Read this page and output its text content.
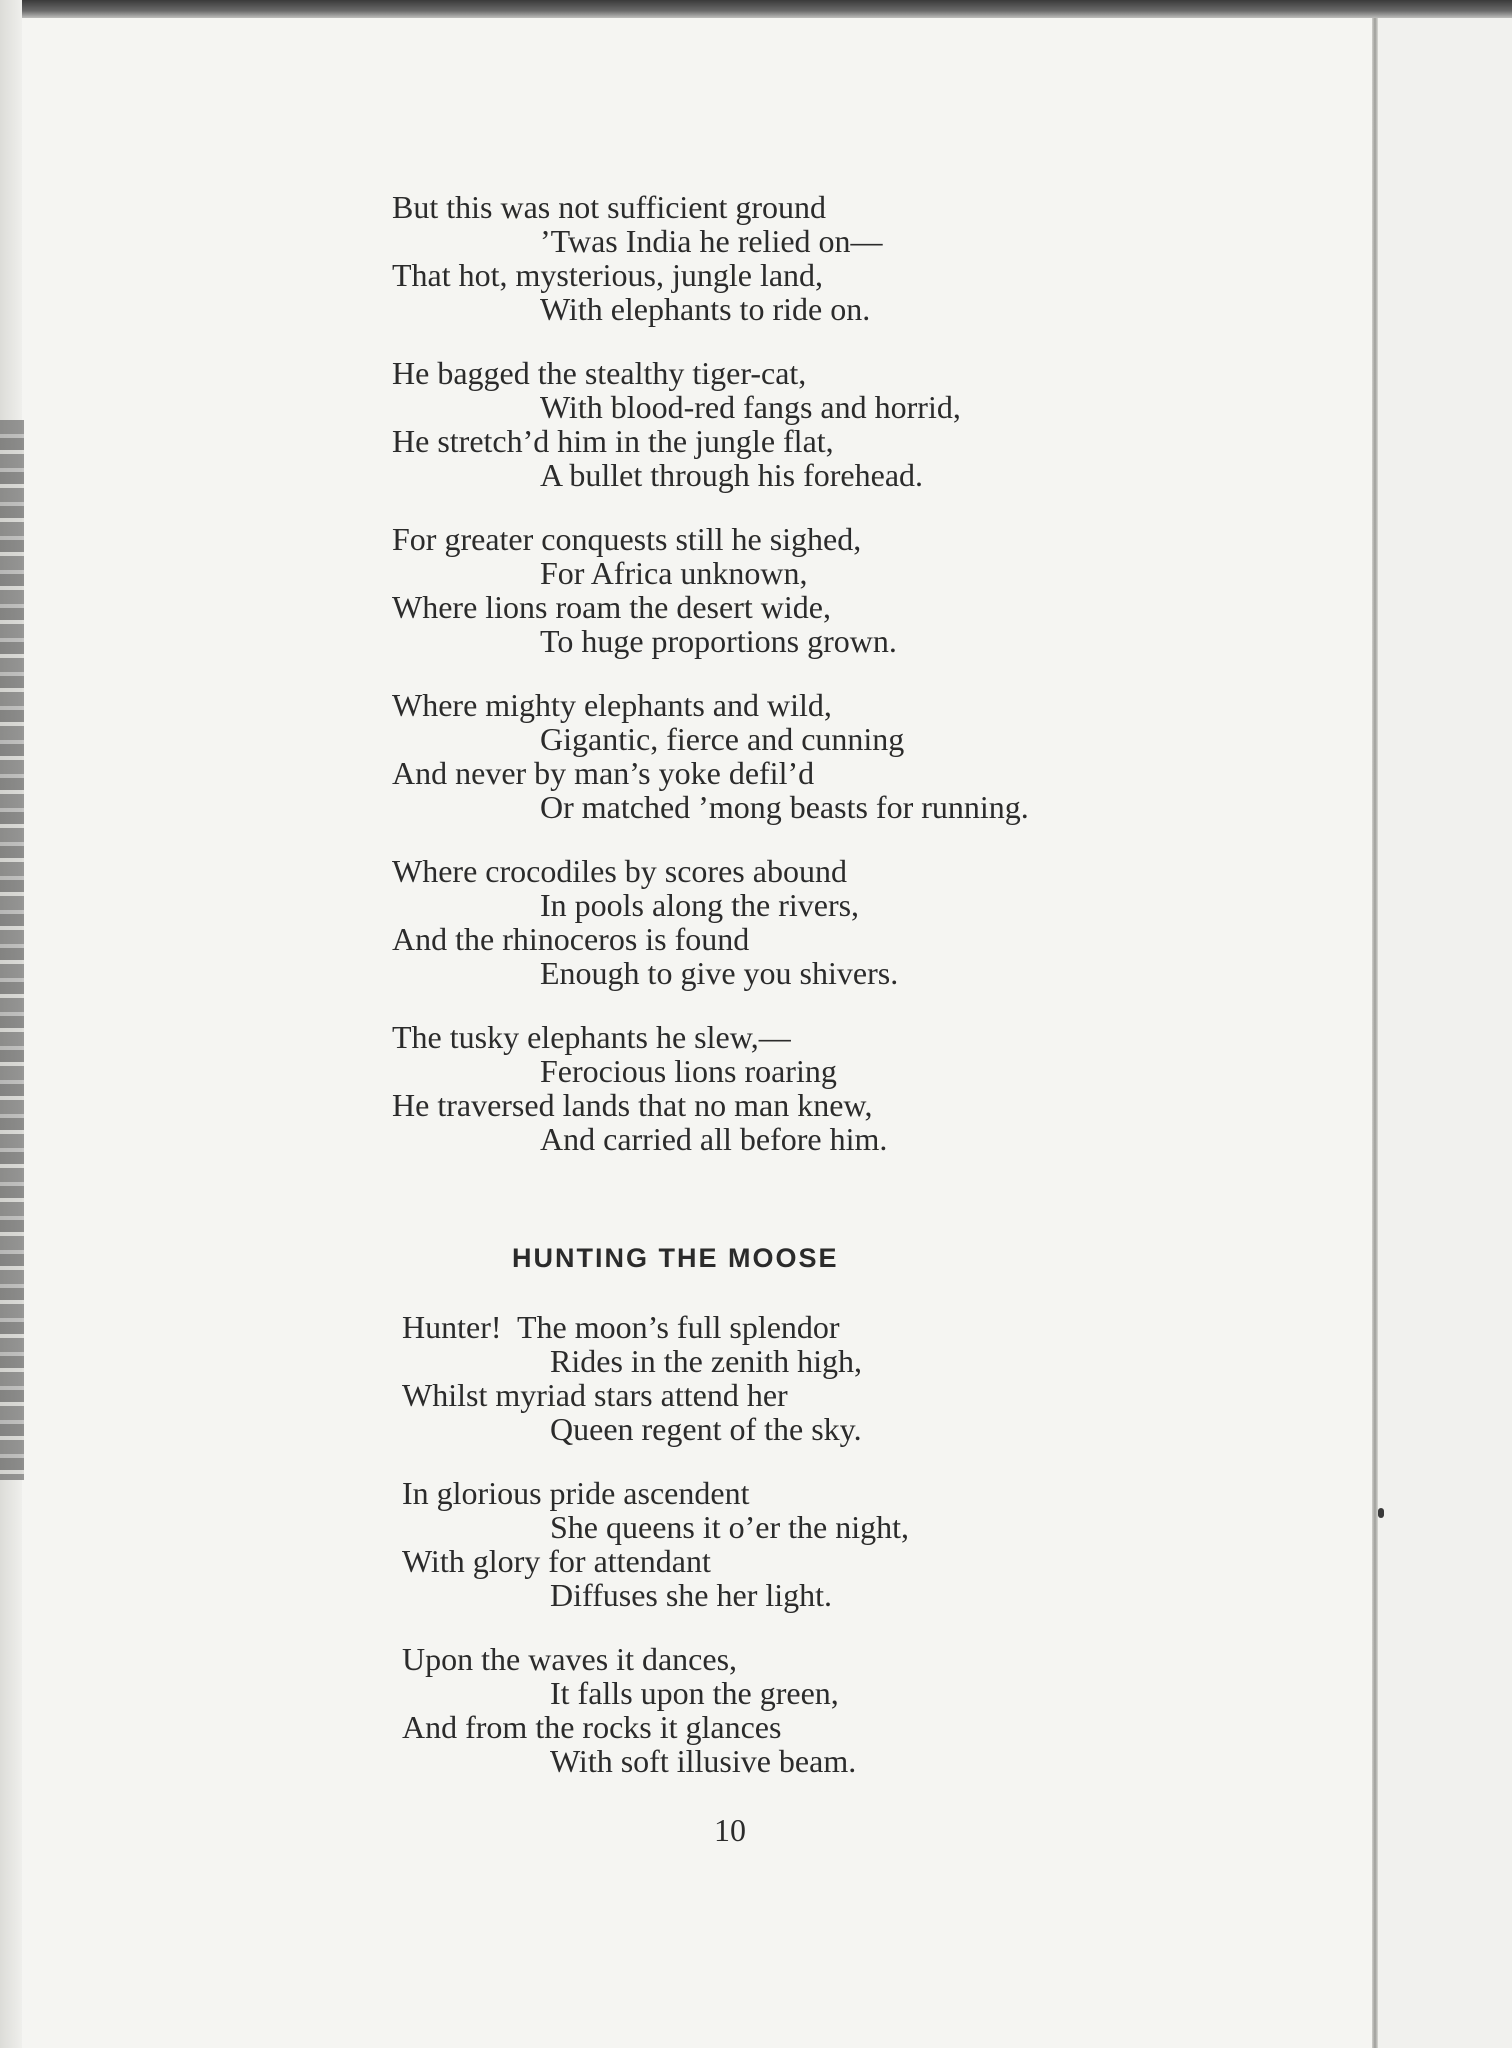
But this was not sufficient ground
’Twas India he relied on—
That hot, mysterious, jungle land,
With elephants to ride on.
He bagged the stealthy tiger-cat,
With blood-red fangs and horrid,
He stretch’d him in the jungle flat,
A bullet through his forehead.
For greater conquests still he sighed,
For Africa unknown,
Where lions roam the desert wide,
To huge proportions grown.
Where mighty elephants and wild,
Gigantic, fierce and cunning
And never by man’s yoke defil’d
Or matched ’mong beasts for running.
Where crocodiles by scores abound
In pools along the rivers,
And the rhinoceros is found
Enough to give you shivers.
The tusky elephants he slew,—
Ferocious lions roaring
He traversed lands that no man knew,
And carried all before him.
HUNTING THE MOOSE
Hunter!  The moon’s full splendor
Rides in the zenith high,
Whilst myriad stars attend her
Queen regent of the sky.
In glorious pride ascendent
She queens it o’er the night,
With glory for attendant
Diffuses she her light.
Upon the waves it dances,
It falls upon the green,
And from the rocks it glances
With soft illusive beam.
10
